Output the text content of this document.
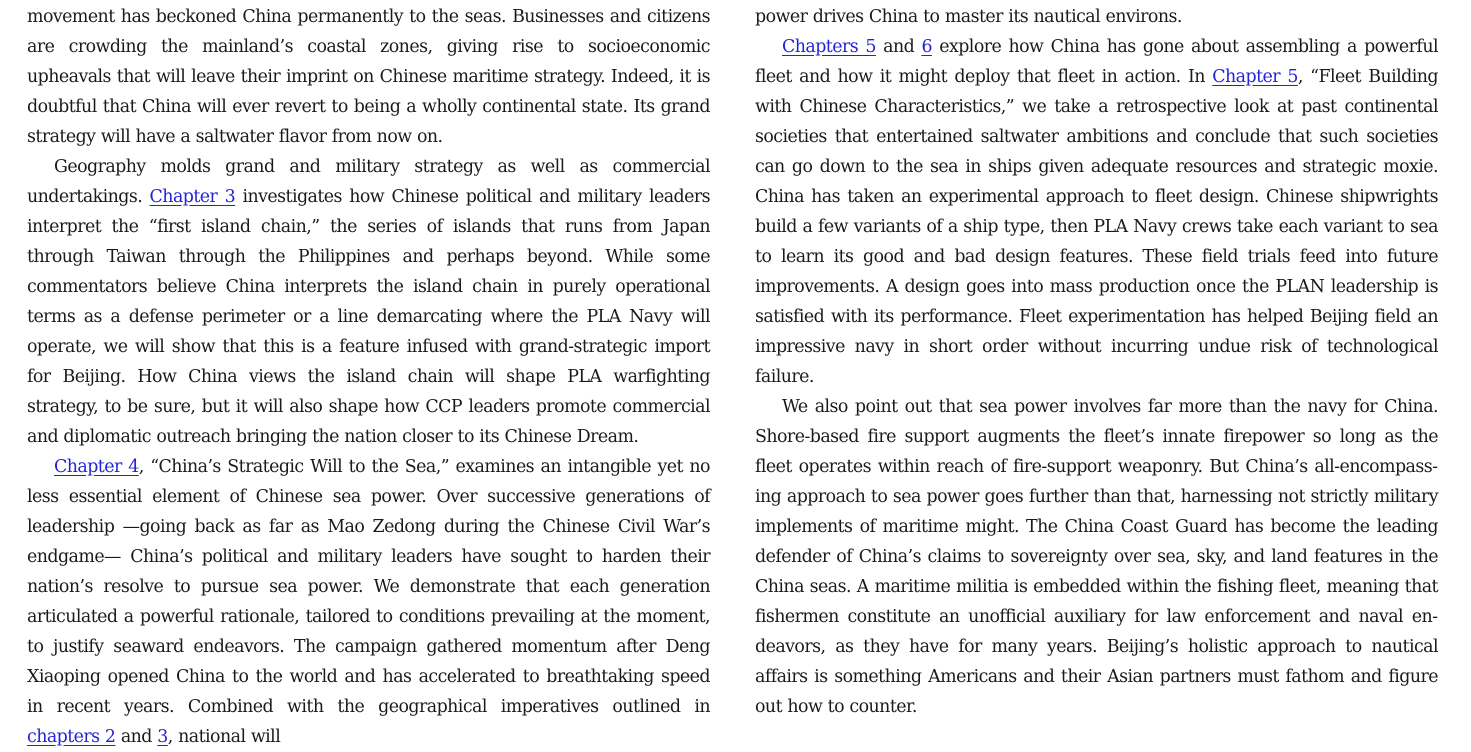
movement has beckoned China permanently to the seas. Businesses and citizens are crowding the mainland’s coastal zones, giving rise to socioeconomic upheavals that will leave their imprint on Chinese maritime strategy. Indeed, it is doubtful that China will ever revert to being a wholly continental state. Its grand strategy will have a saltwater flavor from now on.

Geography molds grand and military strategy as well as commercial undertakings. Chapter 3 investigates how Chinese political and military leaders interpret the “first island chain,” the series of islands that runs from Japan through Taiwan through the Philippines and perhaps beyond. While some commentators believe China interprets the island chain in purely operational terms as a defense perimeter or a line demarcating where the PLA Navy will operate, we will show that this is a feature infused with grand-strategic import for Beijing. How China views the island chain will shape PLA warfighting strategy, to be sure, but it will also shape how CCP leaders promote commercial and diplomatic outreach bringing the nation closer to its Chinese Dream.

Chapter 4, “China’s Strategic Will to the Sea,” examines an intangible yet no less essential element of Chinese sea power. Over successive generations of leadership —going back as far as Mao Zedong during the Chinese Civil War’s endgame— China’s political and military leaders have sought to harden their nation’s resolve to pursue sea power. We demonstrate that each generation articulated a powerful rationale, tailored to conditions prevailing at the moment, to justify seaward endeavors. The campaign gathered momentum after Deng Xiaoping opened China to the world and has accelerated to breathtaking speed in recent years. Combined with the geographical imperatives outlined in chapters 2 and 3, national will

power drives China to master its nautical environs.

Chapters 5 and 6 explore how China has gone about assembling a powerful fleet and how it might deploy that fleet in action. In Chapter 5, “Fleet Building with Chinese Characteristics,” we take a retrospective look at past continental societies that entertained saltwater ambitions and conclude that such societies can go down to the sea in ships given adequate resources and strategic moxie. China has taken an experimental approach to fleet design. Chinese shipwrights build a few variants of a ship type, then PLA Navy crews take each variant to sea to learn its good and bad design features. These field trials feed into future improvements. A design goes into mass production once the PLAN leadership is satisfied with its performance. Fleet experimentation has helped Beijing field an impressive navy in short order without incurring undue risk of technological failure.

We also point out that sea power involves far more than the navy for China. Shore-based fire support augments the fleet’s innate firepower so long as the fleet operates within reach of fire-support weaponry. But China’s all-encompassing approach to sea power goes further than that, harnessing not strictly military implements of maritime might. The China Coast Guard has become the leading defender of China’s claims to sovereignty over sea, sky, and land features in the China seas. A maritime militia is embedded within the fishing fleet, meaning that fishermen constitute an unofficial auxiliary for law enforcement and naval endeavors, as they have for many years. Beijing’s holistic approach to nautical affairs is something Americans and their Asian partners must fathom and figure out how to counter.
